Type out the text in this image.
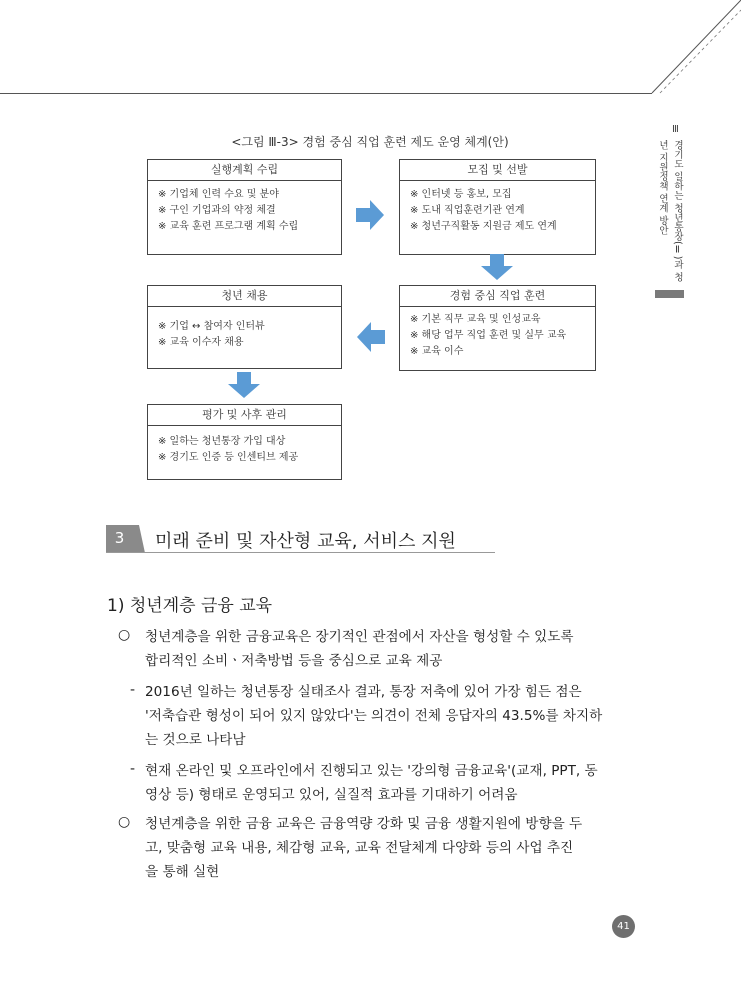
Ⅲ
경기도 일하는 청년통장(Ⅱ)과 청년 지원정책 연계 방안
<그림 Ⅲ-3> 경험 중심 직업 훈련 제도 운영 체계(안)
실행계획 수립
※ 기업체 인력 수요 및 분야
※ 구인 기업과의 약정 체결
※ 교육 훈련 프로그램 계획 수립
모집 및 선발
※ 인터넷 등 홍보, 모집
※ 도내 직업훈련기관 연계
※ 청년구직활동 지원금 제도 연계
경험 중심 직업 훈련
※ 기본 직무 교육 및 인성교육
※ 해당 업무 직업 훈련 및 실무 교육
※ 교육 이수
청년 채용
※ 기업 ↔ 참여자 인터뷰
※ 교육 이수자 채용
평가 및 사후 관리
※ 일하는 청년통장 가입 대상
※ 경기도 인증 등 인센티브 제공
3	미래 준비 및 자산형 교육, 서비스 지원
1) 청년계층 금융 교육
○ 청년계층을 위한 금융교육은 장기적인 관점에서 자산을 형성할 수 있도록
합리적인 소비ㆍ저축방법 등을 중심으로 교육 제공
- 2016년 일하는 청년통장 실태조사 결과, 통장 저축에 있어 가장 힘든 점은
'저축습관 형성이 되어 있지 않았다'는 의견이 전체 응답자의 43.5%를 차지하
는 것으로 나타남
- 현재 온라인 및 오프라인에서 진행되고 있는 '강의형 금융교육'(교재, PPT, 동
영상 등) 형태로 운영되고 있어, 실질적 효과를 기대하기 어려움
○ 청년계층을 위한 금융 교육은 금융역량 강화 및 금융 생활지원에 방향을 두
고, 맞춤형 교육 내용, 체감형 교육, 교육 전달체계 다양화 등의 사업 추진
을 통해 실현
41
